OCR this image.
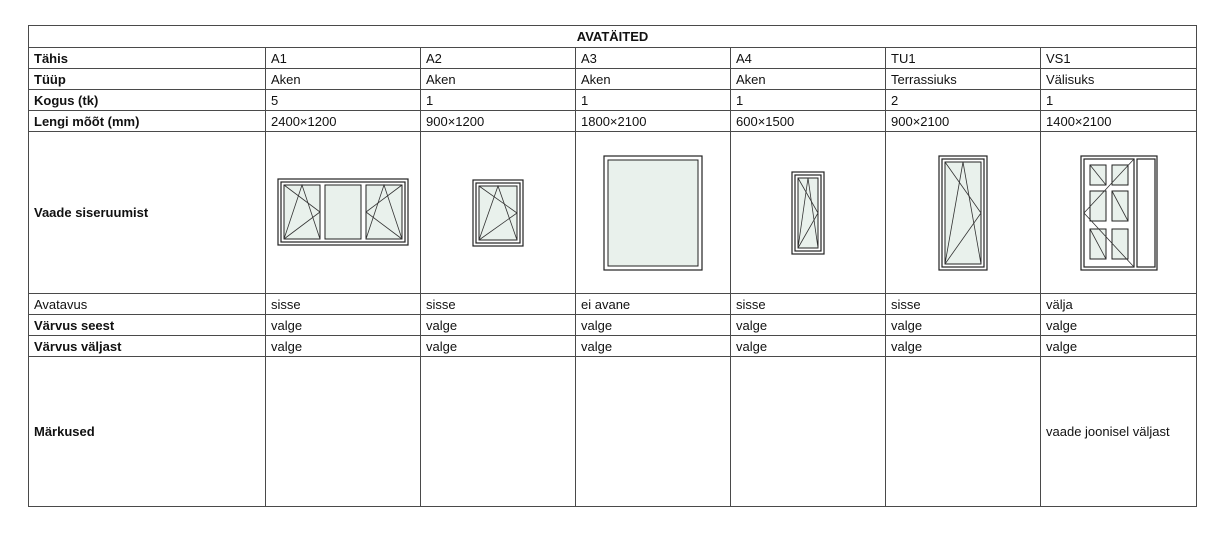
AVATÄITED						
Tähis	A1	A2	A3	A4	TU1	VS1
Tüüp	Aken	Aken	Aken	Aken	Terrassiuks	Välisuks
Kogus (tk)	5	1	1	1	2	1
Lengi mõõt (mm)	2400×1200	900×1200	1800×2100	600×1500	900×2100	1400×2100
Vaade siseruumist	

Avatavus	sisse	sisse	ei avane	sisse	sisse	välja
Värvus seest	valge	valge	valge	valge	valge	valge
Värvus väljast	valge	valge	valge	valge	valge	valge
Märkused						vaade joonisel väljast
